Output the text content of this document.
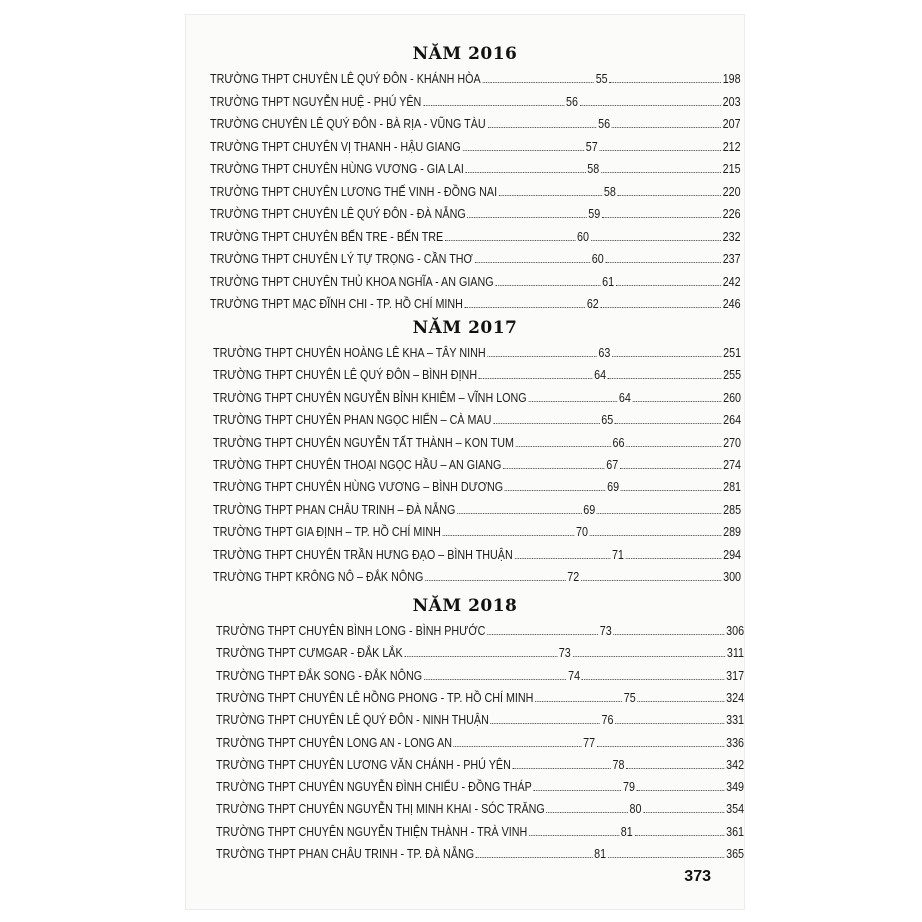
NĂM 2016
TRƯỜNG THPT CHUYÊN LÊ QUÝ ĐÔN - KHÁNH HÒA	55	198
TRƯỜNG THPT NGUYỄN HUỆ - PHÚ YÊN	56	203
TRƯỜNG CHUYÊN LÊ QUÝ ĐÔN - BÀ RỊA - VŨNG TÀU	56	207
TRƯỜNG THPT CHUYÊN VỊ THANH - HẬU GIANG	57	212
TRƯỜNG THPT CHUYÊN HÙNG VƯƠNG - GIA LAI	58	215
TRƯỜNG THPT CHUYÊN LƯƠNG THẾ VINH - ĐỒNG NAI	58	220
TRƯỜNG THPT CHUYÊN LÊ QUÝ ĐÔN - ĐÀ NẴNG	59	226
TRƯỜNG THPT CHUYÊN BẾN TRE - BẾN TRE	60	232
TRƯỜNG THPT CHUYÊN LÝ TỰ TRỌNG - CẦN THƠ	60	237
TRƯỜNG THPT CHUYÊN THỦ KHOA NGHĨA - AN GIANG	61	242
TRƯỜNG THPT MẠC ĐĨNH CHI - TP. HỒ CHÍ MINH	62	246
NĂM 2017
TRƯỜNG THPT CHUYÊN HOÀNG LÊ KHA – TÂY NINH	63	251
TRƯỜNG THPT CHUYÊN LÊ QUÝ ĐÔN – BÌNH ĐỊNH	64	255
TRƯỜNG THPT CHUYÊN NGUYỄN BỈNH KHIÊM – VĨNH LONG	64	260
TRƯỜNG THPT CHUYÊN PHAN NGỌC HIỂN – CÀ MAU	65	264
TRƯỜNG THPT CHUYÊN NGUYỄN TẤT THÀNH – KON TUM	66	270
TRƯỜNG THPT CHUYÊN THOẠI NGỌC HẦU – AN GIANG	67	274
TRƯỜNG THPT CHUYÊN HÙNG VƯƠNG – BÌNH DƯƠNG	69	281
TRƯỜNG THPT PHAN CHÂU TRINH – ĐÀ NẴNG	69	285
TRƯỜNG THPT GIA ĐỊNH – TP. HỒ CHÍ MINH	70	289
TRƯỜNG THPT CHUYÊN TRẦN HƯNG ĐẠO – BÌNH THUẬN	71	294
TRƯỜNG THPT KRÔNG NÔ – ĐẮK NÔNG	72	300
NĂM 2018
TRƯỜNG THPT CHUYÊN BÌNH LONG - BÌNH PHƯỚC	73	306
TRƯỜNG THPT CƯMGAR - ĐẮK LẮK	73	311
TRƯỜNG THPT ĐẮK SONG - ĐẮK NÔNG	74	317
TRƯỜNG THPT CHUYÊN LÊ HỒNG PHONG - TP. HỒ CHÍ MINH	75	324
TRƯỜNG THPT CHUYÊN LÊ QUÝ ĐÔN - NINH THUẬN	76	331
TRƯỜNG THPT CHUYÊN LONG AN - LONG AN	77	336
TRƯỜNG THPT CHUYÊN LƯƠNG VĂN CHÁNH - PHÚ YÊN	78	342
TRƯỜNG THPT CHUYÊN NGUYỄN ĐÌNH CHIỂU - ĐỒNG THÁP	79	349
TRƯỜNG THPT CHUYÊN NGUYỄN THỊ MINH KHAI - SÓC TRĂNG	80	354
TRƯỜNG THPT CHUYÊN NGUYỄN THIỆN THÀNH - TRÀ VINH	81	361
TRƯỜNG THPT PHAN CHÂU TRINH - TP. ĐÀ NẴNG	81	365
373
